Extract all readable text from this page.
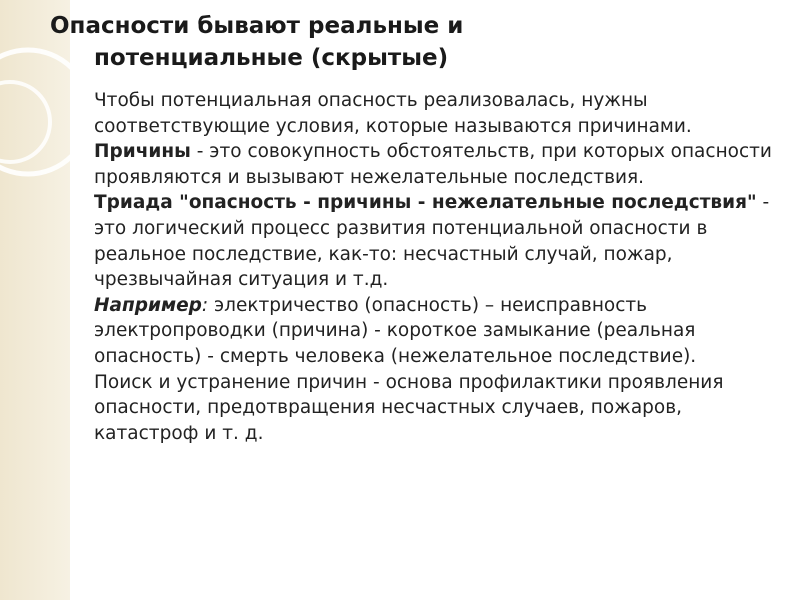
Опасности бывают реальные и
потенциальные (скрытые)

Чтобы потенциальная опасность реализовалась, нужны соответствующие условия, которые называются причинами.

Причины - это совокупность обстоятельств, при которых опасности проявляются и вызывают нежелательные последствия.

Триада "опасность - причины - нежелательные последствия" - это логический процесс развития потенциальной опасности в реальное последствие, как-то: несчастный случай, пожар, чрезвычайная ситуация и т.д.

Например: электричество (опасность) – неисправность электропроводки (причина) - короткое замыкание (реальная опасность) - смерть человека (нежелательное последствие).

Поиск и устранение причин - основа профилактики проявления опасности, предотвращения несчастных случаев, пожаров, катастроф и т. д.
